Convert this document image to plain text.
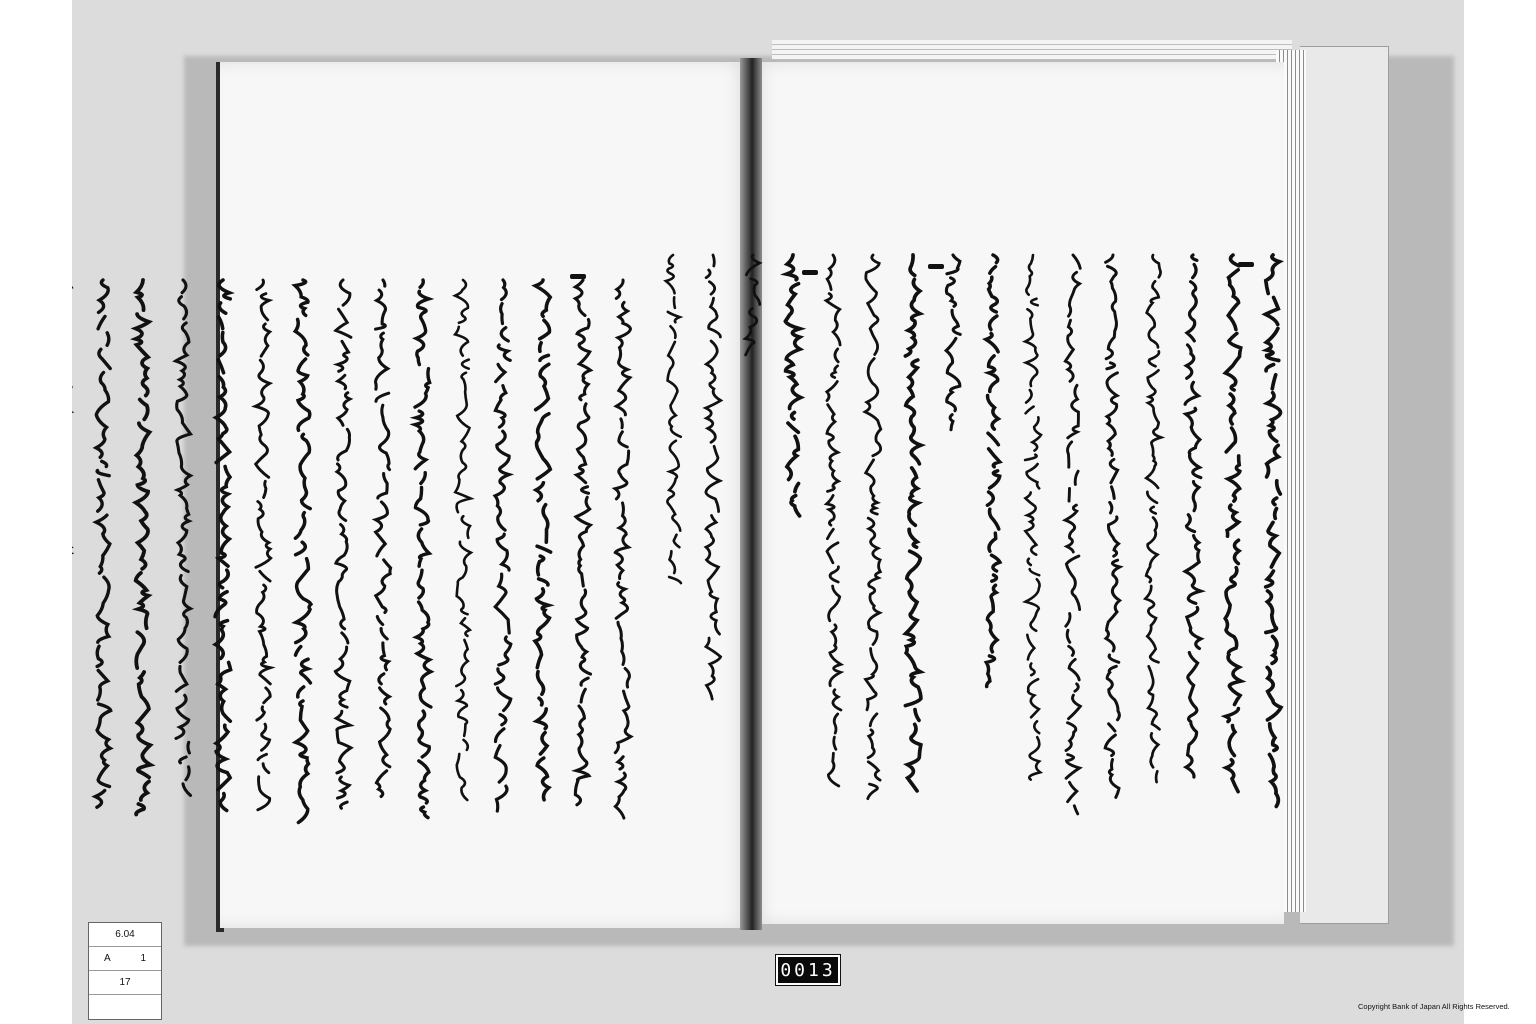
6.04
A	1
17
0013
Copyright Bank of Japan All Rights Reserved.
